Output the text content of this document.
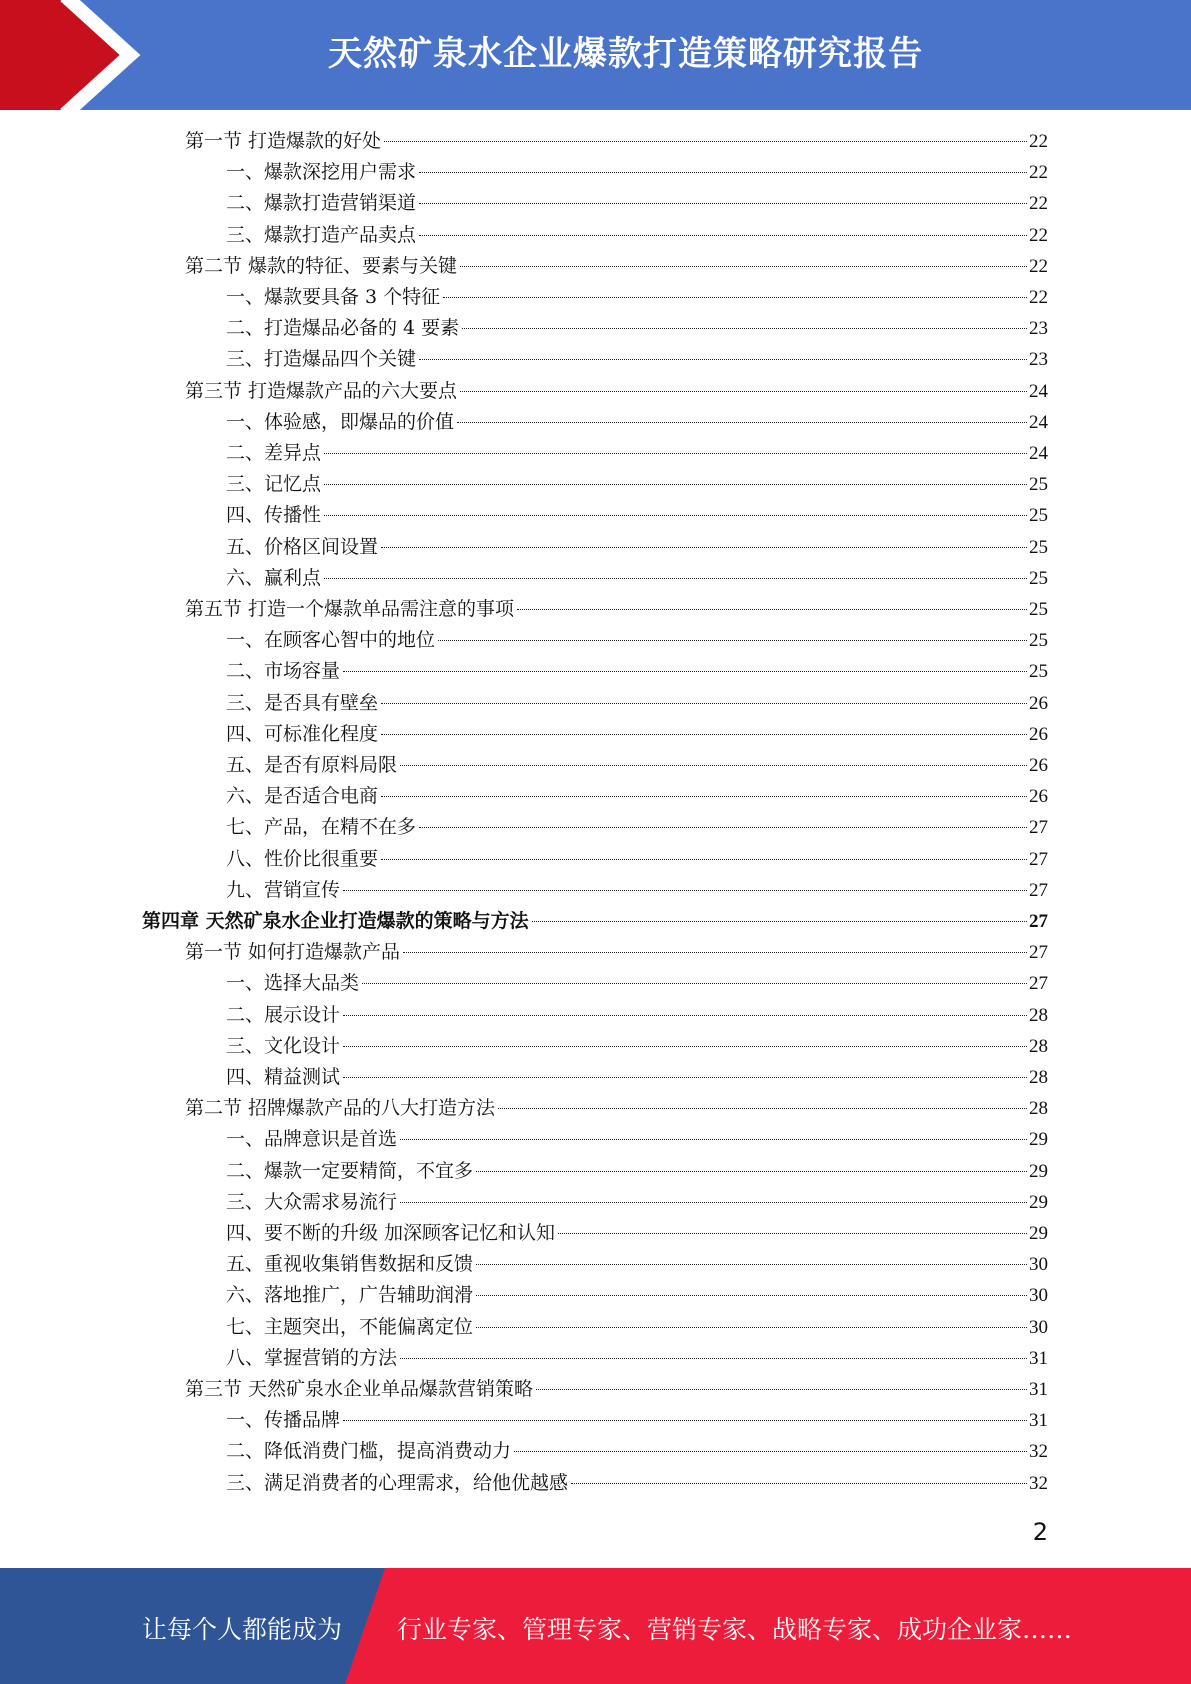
天然矿泉水企业爆款打造策略研究报告
第一节 打造爆款的好处	22
一、爆款深挖用户需求	22
二、爆款打造营销渠道	22
三、爆款打造产品卖点	22
第二节 爆款的特征、要素与关键	22
一、爆款要具备 3 个特征	22
二、打造爆品必备的 4 要素	23
三、打造爆品四个关键	23
第三节 打造爆款产品的六大要点	24
一、体验感，即爆品的价值	24
二、差异点	24
三、记忆点	25
四、传播性	25
五、价格区间设置	25
六、赢利点	25
第五节 打造一个爆款单品需注意的事项	25
一、在顾客心智中的地位	25
二、市场容量	25
三、是否具有壁垒	26
四、可标准化程度	26
五、是否有原料局限	26
六、是否适合电商	26
七、产品，在精不在多	27
八、性价比很重要	27
九、营销宣传	27
第四章 天然矿泉水企业打造爆款的策略与方法	27
第一节 如何打造爆款产品	27
一、选择大品类	27
二、展示设计	28
三、文化设计	28
四、精益测试	28
第二节 招牌爆款产品的八大打造方法	28
一、品牌意识是首选	29
二、爆款一定要精简，不宜多	29
三、大众需求易流行	29
四、要不断的升级 加深顾客记忆和认知	29
五、重视收集销售数据和反馈	30
六、落地推广，广告辅助润滑	30
七、主题突出，不能偏离定位	30
八、掌握营销的方法	31
第三节 天然矿泉水企业单品爆款营销策略	31
一、传播品牌	31
二、降低消费门槛，提高消费动力	32
三、满足消费者的心理需求，给他优越感	32
2
让每个人都能成为 行业专家、管理专家、营销专家、战略专家、成功企业家……
